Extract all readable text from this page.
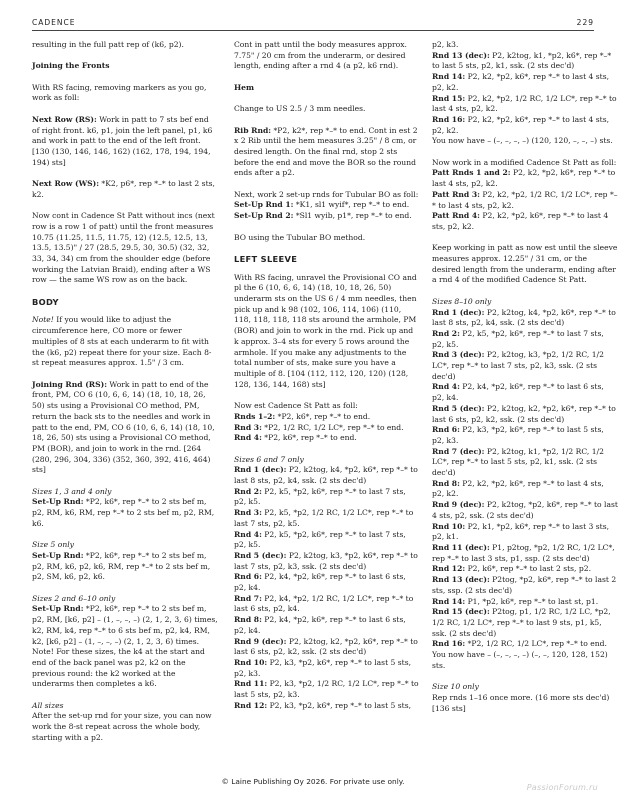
CADENCE	229

resulting in the full patt rep of (k6, p2).

Joining the Fronts

With RS facing, removing markers as you go, work as foll:

Next Row (RS): Work in patt to 7 sts bef end of right front. k6, p1, join the left panel, p1, k6 and work in patt to the end of the left front. [130 (130, 146, 146, 162) (162, 178, 194, 194, 194) sts]

Next Row (WS): *K2, p6*, rep *–* to last 2 sts, k2.

Now cont in Cadence St Patt without incs (next row is a row 1 of patt) until the front measures 10.75 (11.25, 11.5, 11.75, 12) (12.5, 12.5, 13, 13.5, 13.5)" / 27 (28.5, 29.5, 30, 30.5) (32, 32, 33, 34, 34) cm from the shoulder edge (before working the Latvian Braid), ending after a WS row — the same WS row as on the back.

BODY

Note! If you would like to adjust the circumference here, CO more or fewer multiples of 8 sts at each underarm to fit with the (k6, p2) repeat there for your size. Each 8-st repeat measures approx. 1.5" / 3 cm.

Joining Rnd (RS): Work in patt to end of the front, PM, CO 6 (10, 6, 6, 14) (18, 10, 18, 26, 50) sts using a Provisional CO method, PM, return the back sts to the needles and work in patt to the end, PM, CO 6 (10, 6, 6, 14) (18, 10, 18, 26, 50) sts using a Provisional CO method, PM (BOR), and join to work in the rnd. [264 (280, 296, 304, 336) (352, 360, 392, 416, 464) sts]

Sizes 1, 3 and 4 only

Set-Up Rnd: *P2, k6*, rep *–* to 2 sts bef m, p2, RM, k6, RM, rep *–* to 2 sts bef m, p2, RM, k6.

Size 5 only

Set-Up Rnd: *P2, k6*, rep *–* to 2 sts bef m, p2, RM, k6, p2, k6, RM, rep *–* to 2 sts bef m, p2, SM, k6, p2, k6.

Sizes 2 and 6–10 only

Set-Up Rnd: *P2, k6*, rep *–* to 2 sts bef m, p2, RM, [k6, p2] – (1, –, –, –) (2, 1, 2, 3, 6) times, k2, RM, k4, rep *–* to 6 sts bef m, p2, k4, RM, k2, [k6, p2] – (1, –, –, –) (2, 1, 2, 3, 6) times. Note! For these sizes, the k4 at the start and end of the back panel was p2, k2 on the previous round: the k2 worked at the underarms then completes a k6.

All sizes

After the set-up rnd for your size, you can now work the 8-st repeat across the whole body, starting with a p2.

Cont in patt until the body measures approx. 7.75" / 20 cm from the underarm, or desired length, ending after a rnd 4 (a p2, k6 rnd).

Hem

Change to US 2.5 / 3 mm needles.

Rib Rnd: *P2, k2*, rep *–* to end. Cont in est 2 x 2 Rib until the hem measures 3.25" / 8 cm, or desired length. On the final rnd, stop 2 sts before the end and move the BOR so the round ends after a p2.

Next, work 2 set-up rnds for Tubular BO as foll:

Set-Up Rnd 1: *K1, sl1 wyif*, rep *–* to end.

Set-Up Rnd 2: *Sl1 wyib, p1*, rep *–* to end.

BO using the Tubular BO method.

LEFT SLEEVE

With RS facing, unravel the Provisional CO and pl the 6 (10, 6, 6, 14) (18, 10, 18, 26, 50) underarm sts on the US 6 / 4 mm needles, then pick up and k 98 (102, 106, 114, 106) (110, 118, 118, 118, 118 sts around the armhole, PM (BOR) and join to work in the rnd. Pick up and k approx. 3–4 sts for every 5 rows around the armhole. If you make any adjustments to the total number of sts, make sure you have a multiple of 8. [104 (112, 112, 120, 120) (128, 128, 136, 144, 168) sts]

Now est Cadence St Patt as foll:

Rnds 1–2: *P2, k6*, rep *–* to end.

Rnd 3: *P2, 1/2 RC, 1/2 LC*, rep *–* to end.

Rnd 4: *P2, k6*, rep *–* to end.

Sizes 6 and 7 only

Rnd 1 (dec): P2, k2tog, k4, *p2, k6*, rep *–* to last 8 sts, p2, k4, ssk. (2 sts dec'd)

Rnd 2: P2, k5, *p2, k6*, rep *–* to last 7 sts, p2, k5.

Rnd 3: P2, k5, *p2, 1/2 RC, 1/2 LC*, rep *–* to last 7 sts, p2, k5.

Rnd 4: P2, k5, *p2, k6*, rep *–* to last 7 sts, p2, k5.

Rnd 5 (dec): P2, k2tog, k3, *p2, k6*, rep *–* to last 7 sts, p2, k3, ssk. (2 sts dec'd)

Rnd 6: P2, k4, *p2, k6*, rep *–* to last 6 sts, p2, k4.

Rnd 7: P2, k4, *p2, 1/2 RC, 1/2 LC*, rep *–* to last 6 sts, p2, k4.

Rnd 8: P2, k4, *p2, k6*, rep *–* to last 6 sts, p2, k4.

Rnd 9 (dec): P2, k2tog, k2, *p2, k6*, rep *–* to last 6 sts, p2, k2, ssk. (2 sts dec'd)

Rnd 10: P2, k3, *p2, k6*, rep *–* to last 5 sts, p2, k3.

Rnd 11: P2, k3, *p2, 1/2 RC, 1/2 LC*, rep *–* to last 5 sts, p2, k3.

Rnd 12: P2, k3, *p2, k6*, rep *–* to last 5 sts,

p2, k3.

Rnd 13 (dec): P2, k2tog, k1, *p2, k6*, rep *–* to last 5 sts, p2, k1, ssk. (2 sts dec'd)

Rnd 14: P2, k2, *p2, k6*, rep *–* to last 4 sts, p2, k2.

Rnd 15: P2, k2, *p2, 1/2 RC, 1/2 LC*, rep *–* to last 4 sts, p2, k2.

Rnd 16: P2, k2, *p2, k6*, rep *–* to last 4 sts, p2, k2.

You now have – (–, –, –, –) (120, 120, –, –, –) sts.

Now work in a modified Cadence St Patt as foll:

Patt Rnds 1 and 2: P2, k2, *p2, k6*, rep *–* to last 4 sts, p2, k2.

Patt Rnd 3: P2, k2, *p2, 1/2 RC, 1/2 LC*, rep *–* to last 4 sts, p2, k2.

Patt Rnd 4: P2, k2, *p2, k6*, rep *–* to last 4 sts, p2, k2.

Keep working in patt as now est until the sleeve measures approx. 12.25" / 31 cm, or the desired length from the underarm, ending after a rnd 4 of the modified Cadence St Patt.

Sizes 8–10 only

Rnd 1 (dec): P2, k2tog, k4, *p2, k6*, rep *–* to last 8 sts, p2, k4, ssk. (2 sts dec'd)

Rnd 2: P2, k5, *p2, k6*, rep *–* to last 7 sts, p2, k5.

Rnd 3 (dec): P2, k2tog, k3, *p2, 1/2 RC, 1/2 LC*, rep *–* to last 7 sts, p2, k3, ssk. (2 sts dec'd)

Rnd 4: P2, k4, *p2, k6*, rep *–* to last 6 sts, p2, k4.

Rnd 5 (dec): P2, k2tog, k2, *p2, k6*, rep *–* to last 6 sts, p2, k2, ssk. (2 sts dec'd)

Rnd 6: P2, k3, *p2, k6*, rep *–* to last 5 sts, p2, k3.

Rnd 7 (dec): P2, k2tog, k1, *p2, 1/2 RC, 1/2 LC*, rep *–* to last 5 sts, p2, k1, ssk. (2 sts dec'd)

Rnd 8: P2, k2, *p2, k6*, rep *–* to last 4 sts, p2, k2.

Rnd 9 (dec): P2, k2tog, *p2, k6*, rep *–* to last 4 sts, p2, ssk. (2 sts dec'd)

Rnd 10: P2, k1, *p2, k6*, rep *–* to last 3 sts, p2, k1.

Rnd 11 (dec): P1, p2tog, *p2, 1/2 RC, 1/2 LC*, rep *–* to last 3 sts, p1, ssp. (2 sts dec'd)

Rnd 12: P2, k6*, rep *–* to last 2 sts, p2.

Rnd 13 (dec): P2tog, *p2, k6*, rep *–* to last 2 sts, ssp. (2 sts dec'd)

Rnd 14: P1, *p2, k6*, rep *–* to last st, p1.

Rnd 15 (dec): P2tog, p1, 1/2 RC, 1/2 LC, *p2, 1/2 RC, 1/2 LC*, rep *–* to last 9 sts, p1, k5, ssk. (2 sts dec'd)

Rnd 16: *P2, 1/2 RC, 1/2 LC*, rep *–* to end.

You now have – (–, –, –, –) (–, –, 120, 128, 152) sts.

Size 10 only

Rep rnds 1–16 once more. (16 more sts dec'd) [136 sts]

© Laine Publishing Oy 2026. For private use only.
PassionForum.ru
